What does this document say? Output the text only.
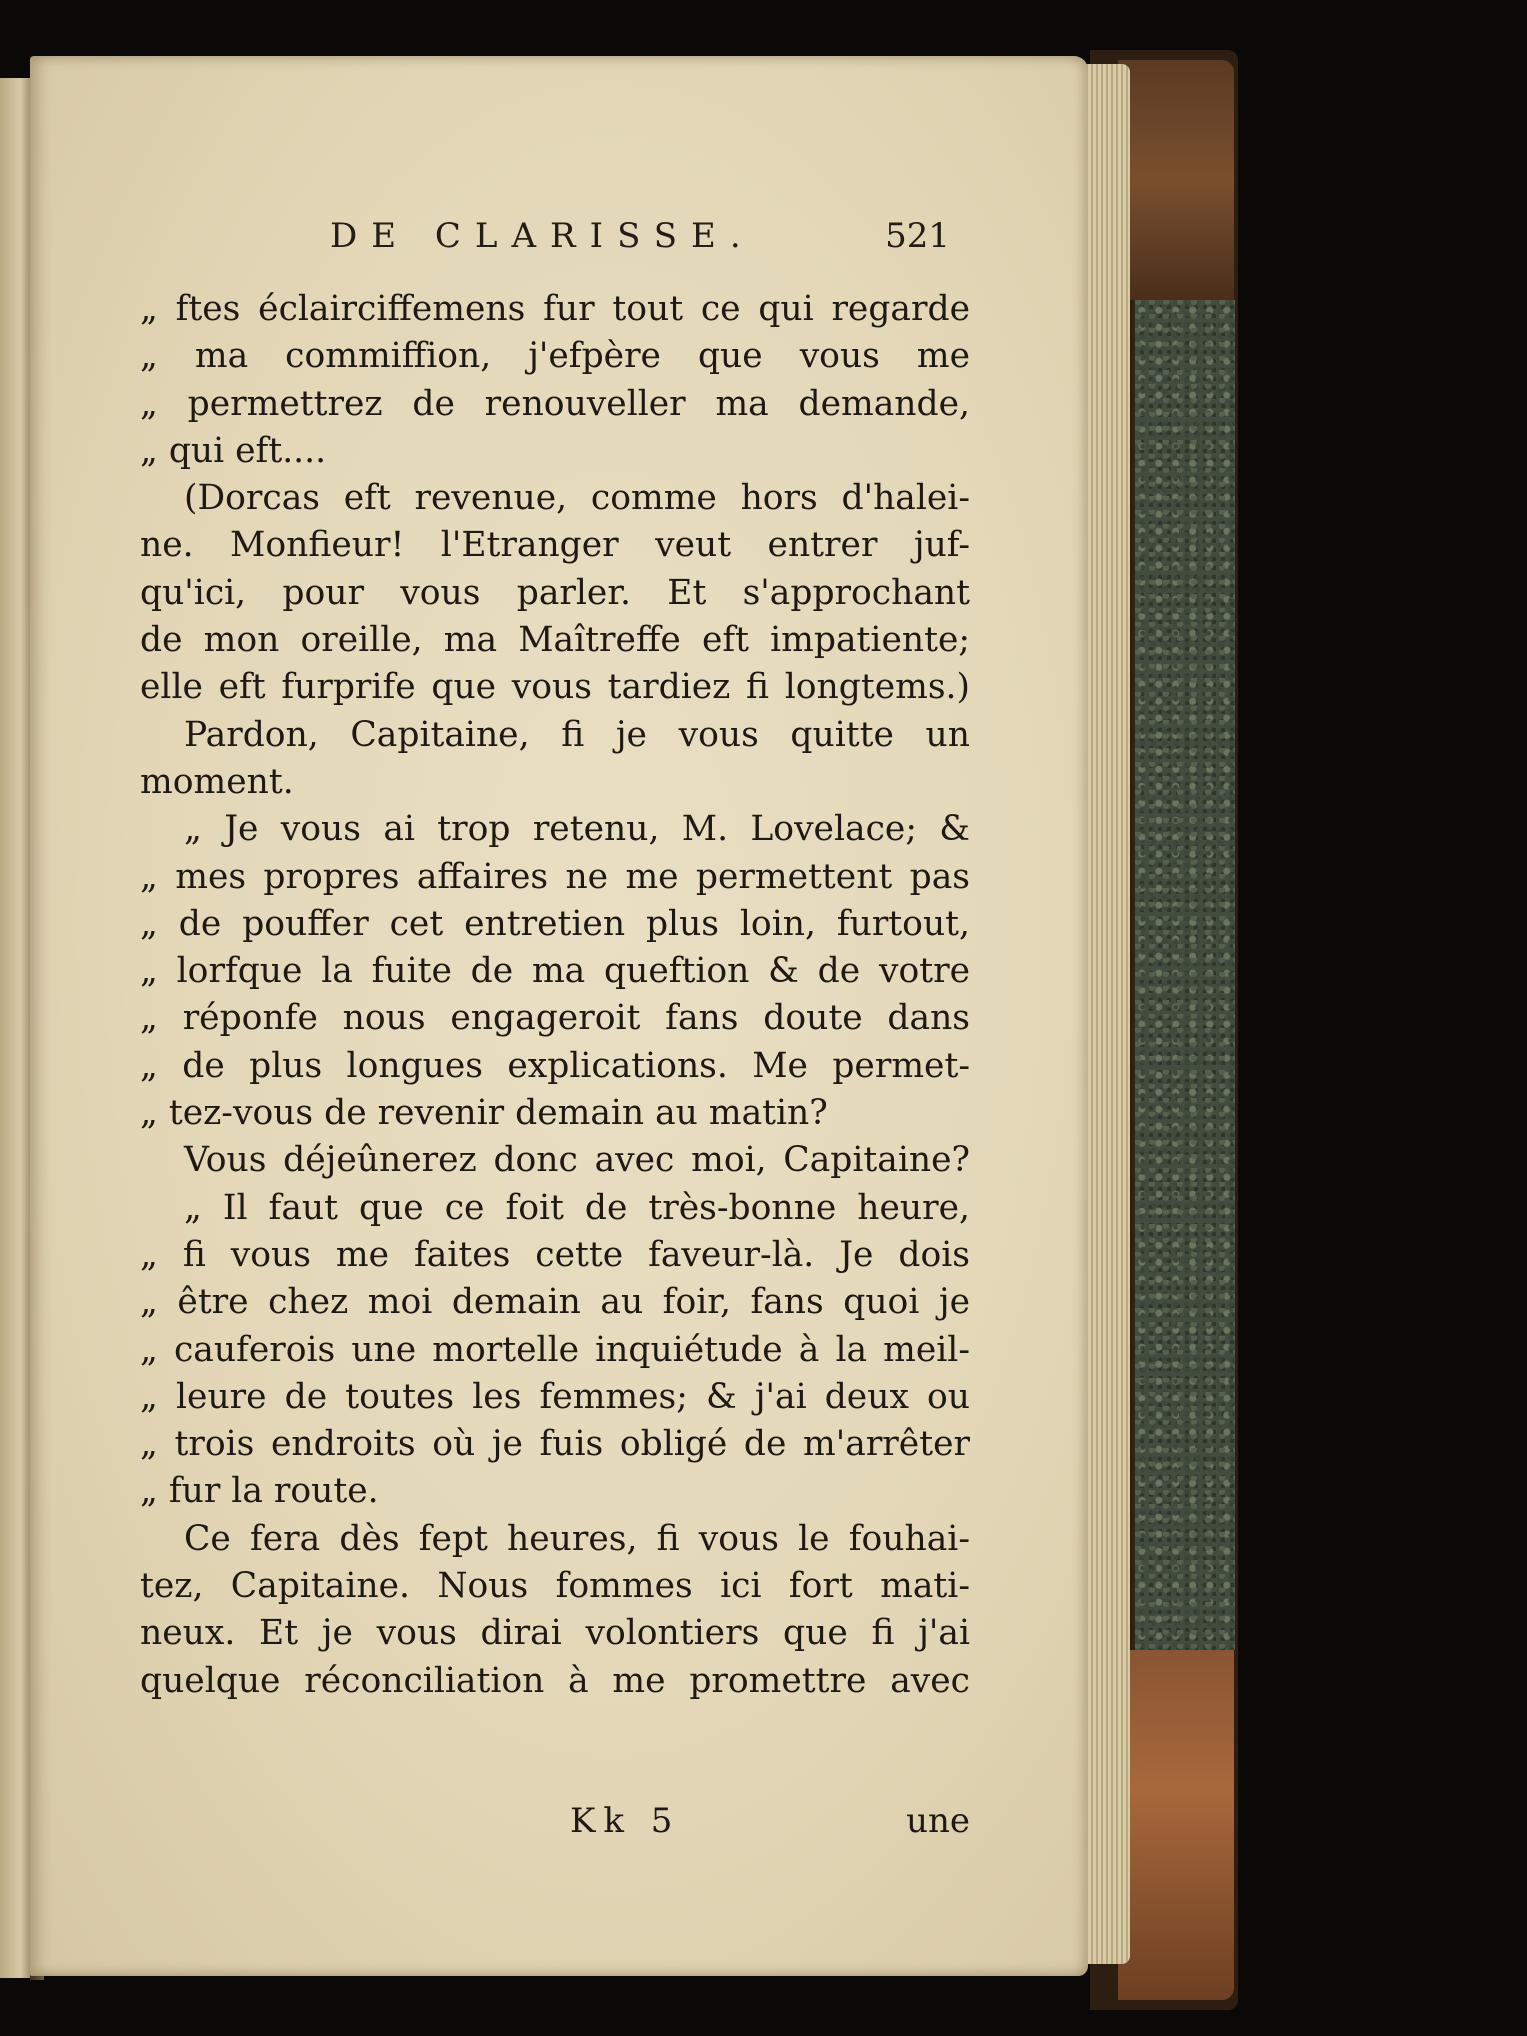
DE CLARISSE.	521
„ ftes éclairciffemens fur tout ce qui regarde
„ ma commiffion, j'efpère que vous me
„ permettrez de renouveller ma demande,
„ qui eft....
(Dorcas eft revenue, comme hors d'halei-
ne. Monfieur! l'Etranger veut entrer juf-
qu'ici, pour vous parler. Et s'approchant
de mon oreille, ma Maîtreffe eft impatiente;
elle eft furprife que vous tardiez fi longtems.)
Pardon, Capitaine, fi je vous quitte un
moment.
„ Je vous ai trop retenu, M. Lovelace; &
„ mes propres affaires ne me permettent pas
„ de pouffer cet entretien plus loin, furtout,
„ lorfque la fuite de ma queftion & de votre
„ réponfe nous engageroit fans doute dans
„ de plus longues explications. Me permet-
„ tez-vous de revenir demain au matin?
Vous déjeûnerez donc avec moi, Capitaine?
„ Il faut que ce foit de très-bonne heure,
„ fi vous me faites cette faveur-là. Je dois
„ être chez moi demain au foir, fans quoi je
„ cauferois une mortelle inquiétude à la meil-
„ leure de toutes les femmes; & j'ai deux ou
„ trois endroits où je fuis obligé de m'arrêter
„ fur la route.
Ce fera dès fept heures, fi vous le fouhai-
tez, Capitaine. Nous fommes ici fort mati-
neux. Et je vous dirai volontiers que fi j'ai
quelque réconciliation à me promettre avec
Kk 5	une
